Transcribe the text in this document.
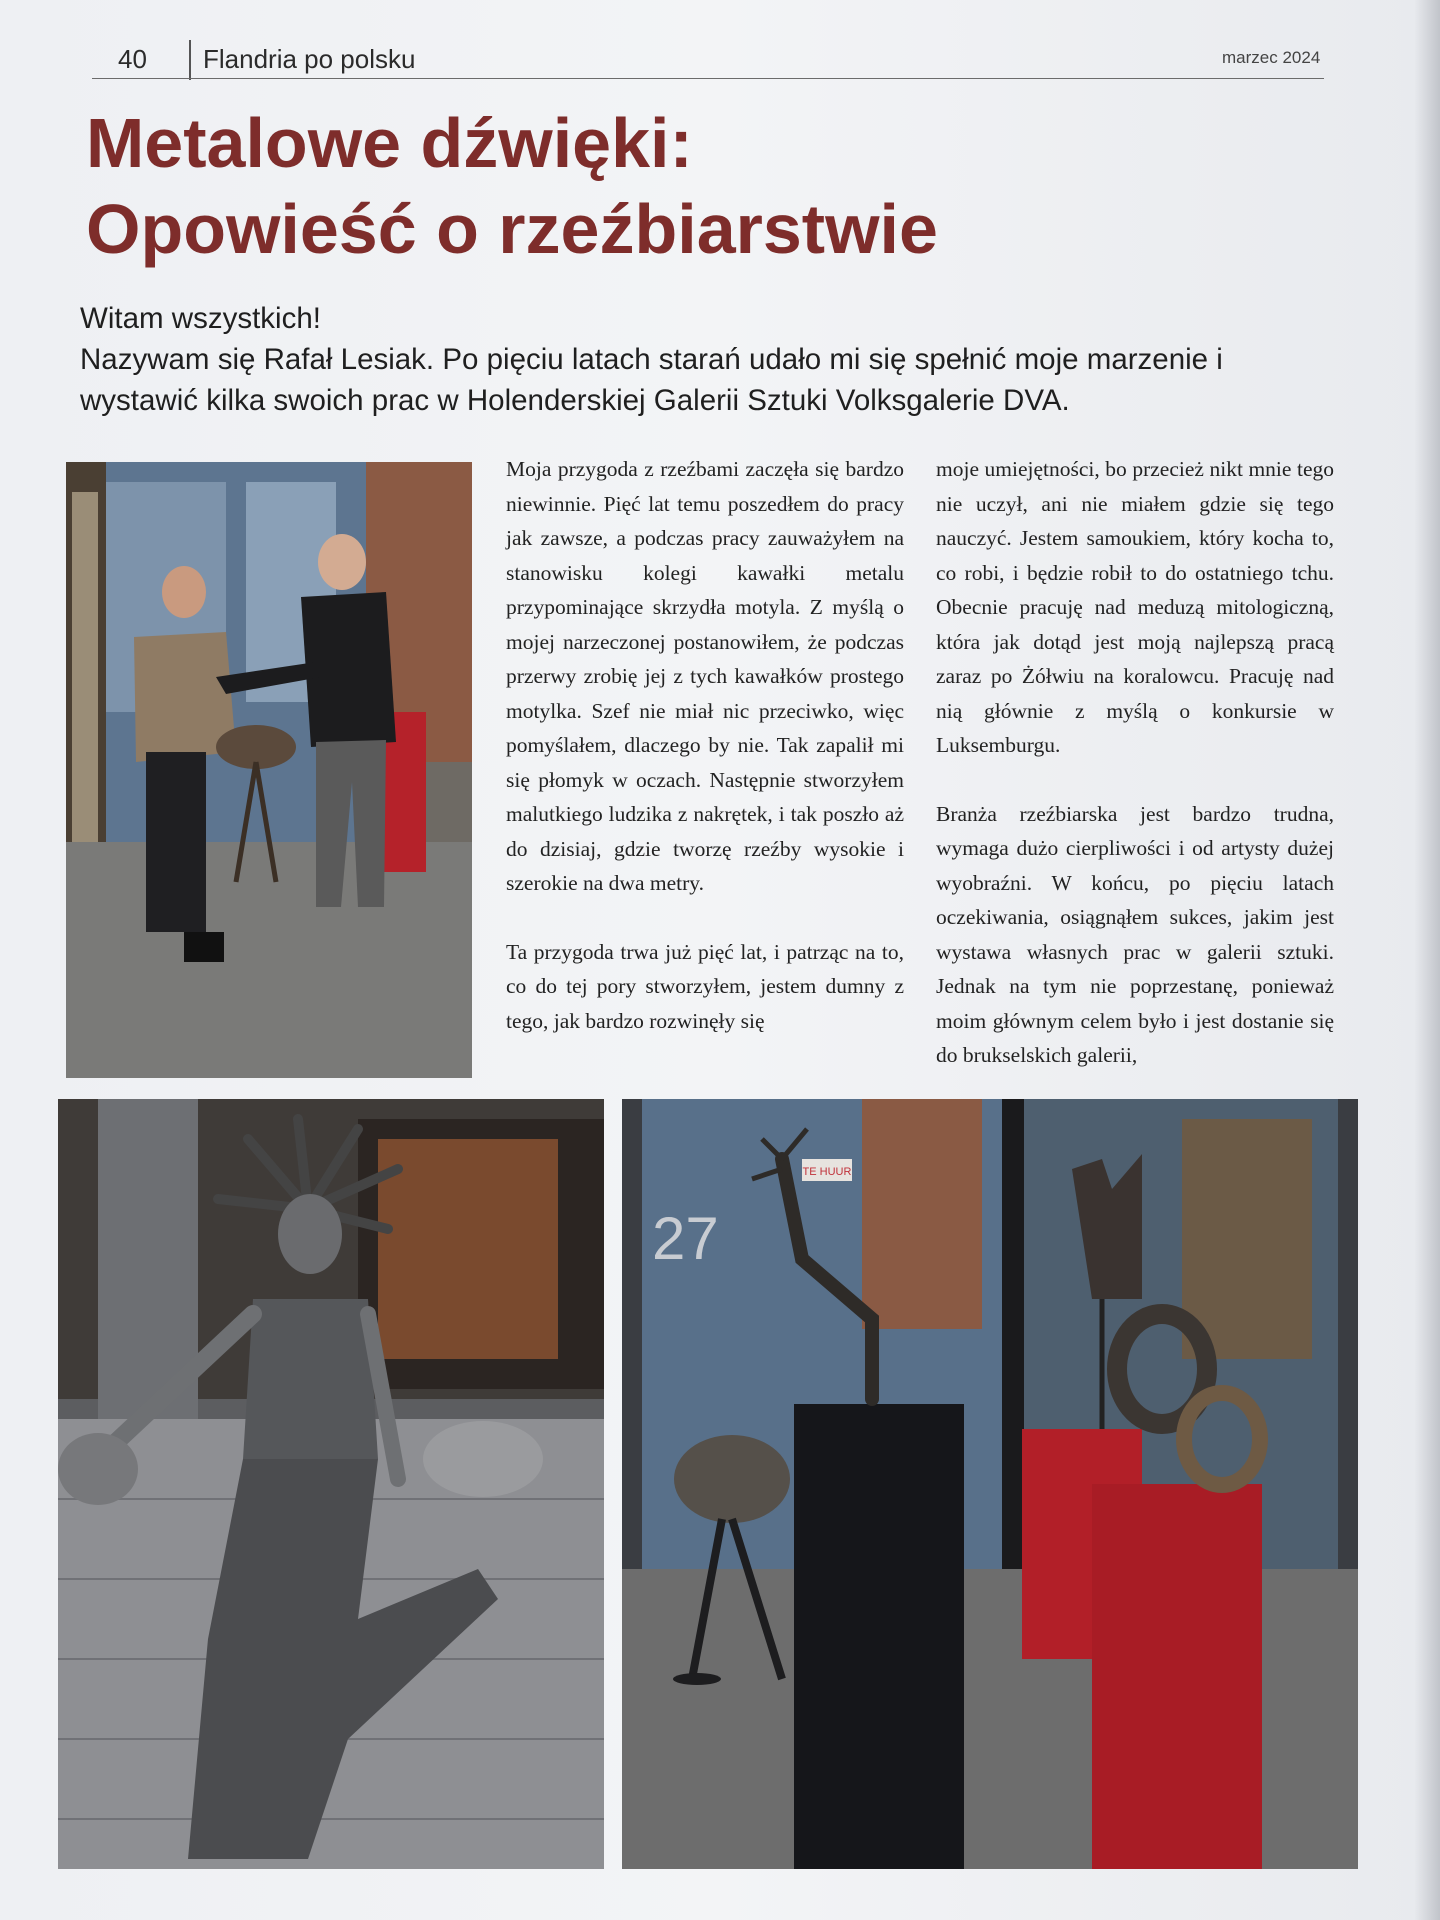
40 Flandria po polsku	marzec 2024
Metalowe dźwięki:
Opowieść o rzeźbiarstwie
Witam wszystkich!
Nazywam się Rafał Lesiak. Po pięciu latach starań udało mi się spełnić moje marzenie i wystawić kilka swoich prac w Holenderskiej Galerii Sztuki Volksgalerie DVA.

Moja przygoda z rzeźbami zaczęła się bardzo niewinnie. Pięć lat temu poszedłem do pracy jak zawsze, a podczas pracy zauważyłem na stanowisku kolegi kawałki metalu przypominające skrzydła motyla. Z myślą o mojej narzeczonej postanowiłem, że podczas przerwy zrobię jej z tych kawałków prostego motylka. Szef nie miał nic przeciwko, więc pomyślałem, dlaczego by nie. Tak zapalił mi się płomyk w oczach. Następnie stworzyłem malutkiego ludzika z nakrętek, i tak poszło aż do dzisiaj, gdzie tworzę rzeźby wysokie i szerokie na dwa metry.

Ta przygoda trwa już pięć lat, i patrząc na to, co do tej pory stworzyłem, jestem dumny z tego, jak bardzo rozwinęły się

moje umiejętności, bo przecież nikt mnie tego nie uczył, ani nie miałem gdzie się tego nauczyć. Jestem samoukiem, który kocha to, co robi, i będzie robił to do ostatniego tchu. Obecnie pracuję nad meduzą mitologiczną, która jak dotąd jest moją najlepszą pracą zaraz po Żółwiu na koralowcu. Pracuję nad nią głównie z myślą o konkursie w Luksemburgu.

Branża rzeźbiarska jest bardzo trudna, wymaga dużo cierpliwości i od artysty dużej wyobraźni. W końcu, po pięciu latach oczekiwania, osiągnąłem sukces, jakim jest wystawa własnych prac w galerii sztuki. Jednak na tym nie poprzestanę, ponieważ moim głównym celem było i jest dostanie się do brukselskich galerii,

TE HUUR
27
